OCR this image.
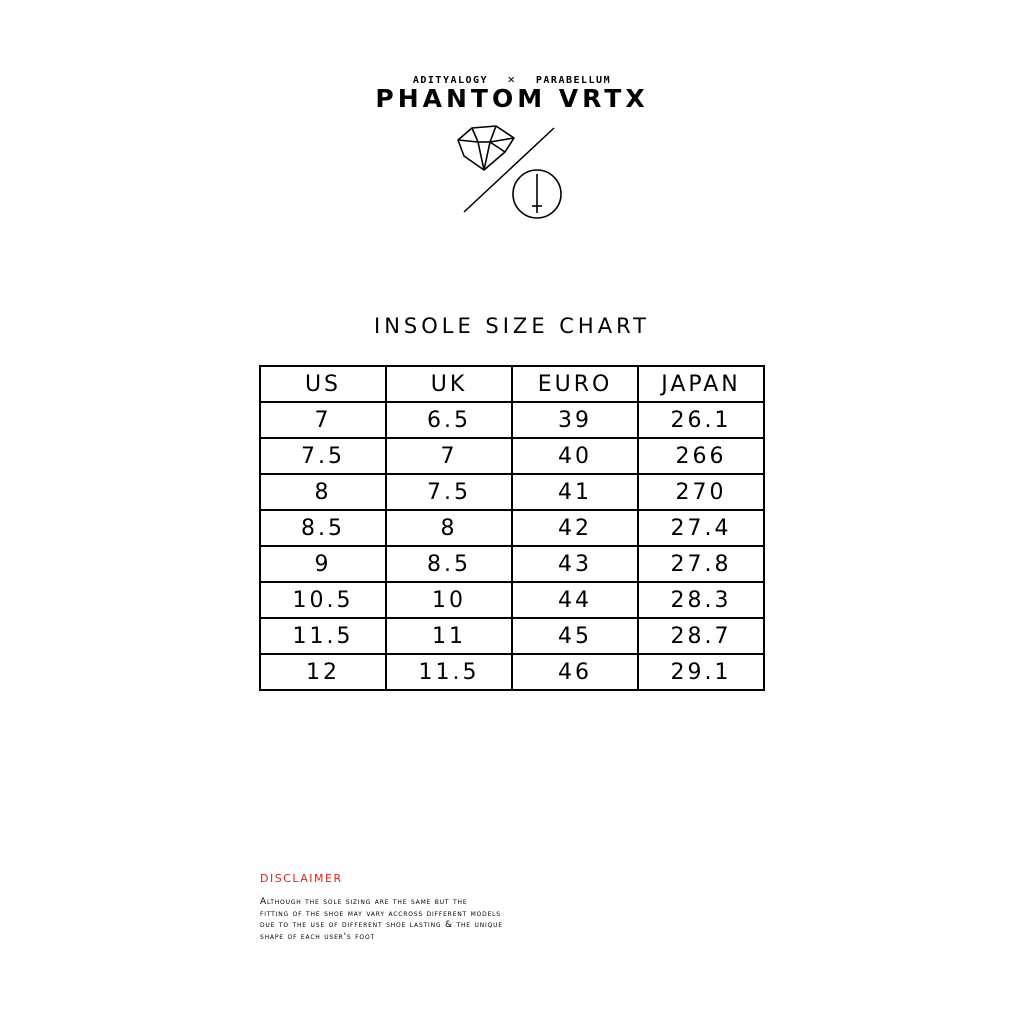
ADITYALOGY ✕ PARABELLUM
PHANTOM VRTX
INSOLE SIZE CHART
US	UK	EURO	JAPAN
7	6.5	39	26.1
7.5	7	40	266
8	7.5	41	270
8.5	8	42	27.4
9	8.5	43	27.8
10.5	10	44	28.3
11.5	11	45	28.7
12	11.5	46	29.1
DISCLAIMER
Although the sole sizing are the same but the
fitting of the shoe may vary accross different models
due to the use of different shoe lasting & the unique
shape of each user's foot
